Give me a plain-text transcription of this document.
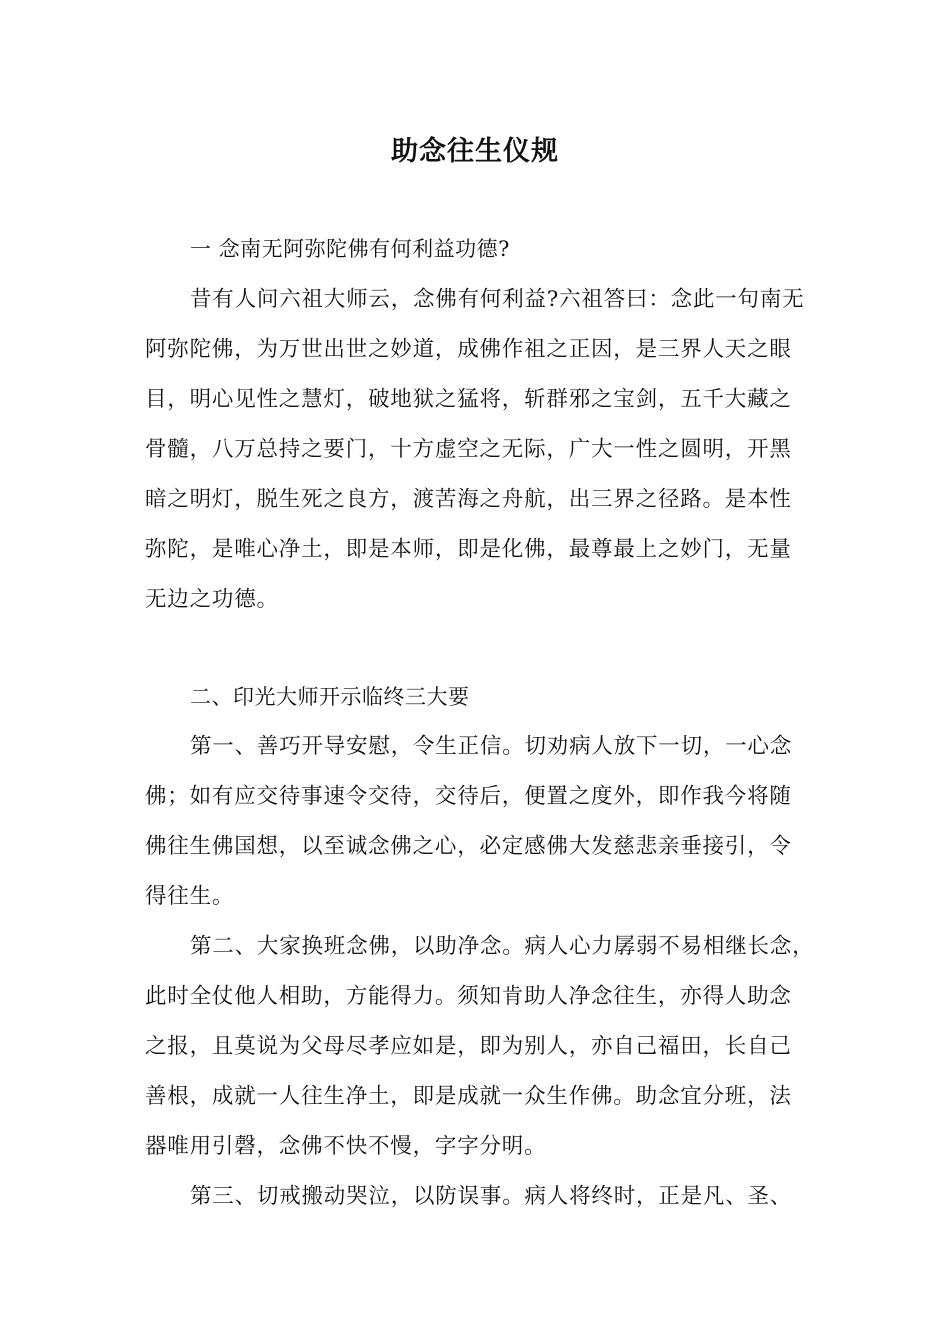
助念往生仪规
一 念南无阿弥陀佛有何利益功德?
昔有人问六祖大师云，念佛有何利益?六祖答曰：念此一句南无
阿弥陀佛，为万世出世之妙道，成佛作祖之正因，是三界人天之眼
目，明心见性之慧灯，破地狱之猛将，斩群邪之宝剑，五千大藏之
骨髓，八万总持之要门，十方虚空之无际，广大一性之圆明，开黑
暗之明灯，脱生死之良方，渡苦海之舟航，出三界之径路。是本性
弥陀，是唯心净土，即是本师，即是化佛，最尊最上之妙门，无量
无边之功德。
二、印光大师开示临终三大要
第一、善巧开导安慰，令生正信。切劝病人放下一切，一心念
佛；如有应交待事速令交待，交待后，便置之度外，即作我今将随
佛往生佛国想，以至诚念佛之心，必定感佛大发慈悲亲垂接引，令
得往生。
第二、大家换班念佛，以助净念。病人心力孱弱不易相继长念，
此时全仗他人相助，方能得力。须知肯助人净念往生，亦得人助念
之报，且莫说为父母尽孝应如是，即为别人，亦自己福田，长自己
善根，成就一人往生净土，即是成就一众生作佛。助念宜分班，法
器唯用引磬，念佛不快不慢，字字分明。
第三、切戒搬动哭泣，以防误事。病人将终时，正是凡、圣、
